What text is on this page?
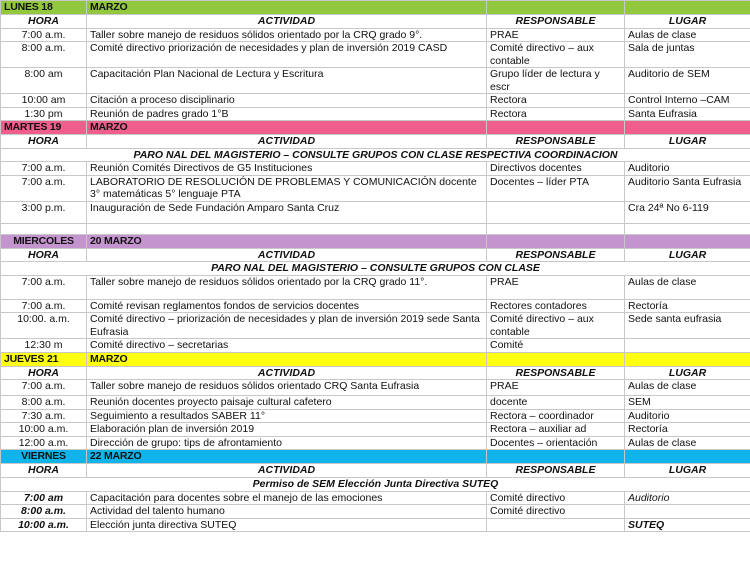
LUNES 18	MARZO		
HORA	ACTIVIDAD	RESPONSABLE	LUGAR
7:00 a.m.	Taller sobre manejo de residuos sólidos orientado por la CRQ grado 9°.	PRAE	Aulas de clase
8:00 a.m.	Comité directivo priorización de necesidades y plan de inversión 2019 CASD	Comité directivo – aux contable	Sala de juntas
8:00 am	Capacitación Plan Nacional de Lectura y Escritura	Grupo líder de lectura y escr	Auditorio de SEM
10:00 am	Citación a proceso disciplinario	Rectora	Control Interno –CAM
1:30 pm	Reunión de padres grado 1°B	Rectora	Santa Eufrasia
MARTES 19	MARZO		
HORA	ACTIVIDAD	RESPONSABLE	LUGAR
PARO NAL DEL MAGISTERIO – CONSULTE GRUPOS CON CLASE RESPECTIVA COORDINACION			
7:00 a.m.	Reunión Comités Directivos de G5 Instituciones	Directivos docentes	Auditorio
7:00 a.m.	LABORATORIO DE RESOLUCIÓN DE PROBLEMAS Y COMUNICACIÓN docente 3° matemáticas 5° lenguaje PTA	Docentes – líder PTA	Auditorio Santa Eufrasia
3:00 p.m.	Inauguración de Sede Fundación Amparo Santa Cruz		Cra 24ª No 6-119

MIERCOLES	20 MARZO		
HORA	ACTIVIDAD	RESPONSABLE	LUGAR
PARO NAL DEL MAGISTERIO – CONSULTE GRUPOS CON CLASE			
7:00 a.m.	Taller sobre manejo de residuos sólidos orientado por la CRQ grado 11°.	PRAE	Aulas de clase
7:00 a.m.	Comité revisan reglamentos fondos de servicios docentes	Rectores contadores	Rectoría
10:00. a.m.	Comité directivo – priorización de necesidades y plan de inversión 2019 sede Santa Eufrasia	Comité directivo – aux contable	Sede santa eufrasia
12:30 m	Comité directivo – secretarias	Comité	
JUEVES 21	MARZO		
HORA	ACTIVIDAD	RESPONSABLE	LUGAR
7:00 a.m.	Taller sobre manejo de residuos sólidos orientado CRQ Santa Eufrasia	PRAE	Aulas de clase
8:00 a.m.	Reunión docentes proyecto paisaje cultural cafetero	docente	SEM
7:30 a.m.	Seguimiento a resultados SABER 11°	Rectora – coordinador	Auditorio
10:00 a.m.	Elaboración plan de inversión 2019	Rectora – auxiliar ad	Rectoría
12:00 a.m.	Dirección de grupo: tips de afrontamiento	Docentes – orientación	Aulas de clase
VIERNES	22 MARZO		
HORA	ACTIVIDAD	RESPONSABLE	LUGAR
Permiso de SEM Elección Junta Directiva SUTEQ			
7:00 am	Capacitación para docentes sobre el manejo de las emociones	Comité directivo	Auditorio
8:00 a.m.	Actividad del talento humano	Comité directivo	
10:00 a.m.	Elección junta directiva SUTEQ		SUTEQ
